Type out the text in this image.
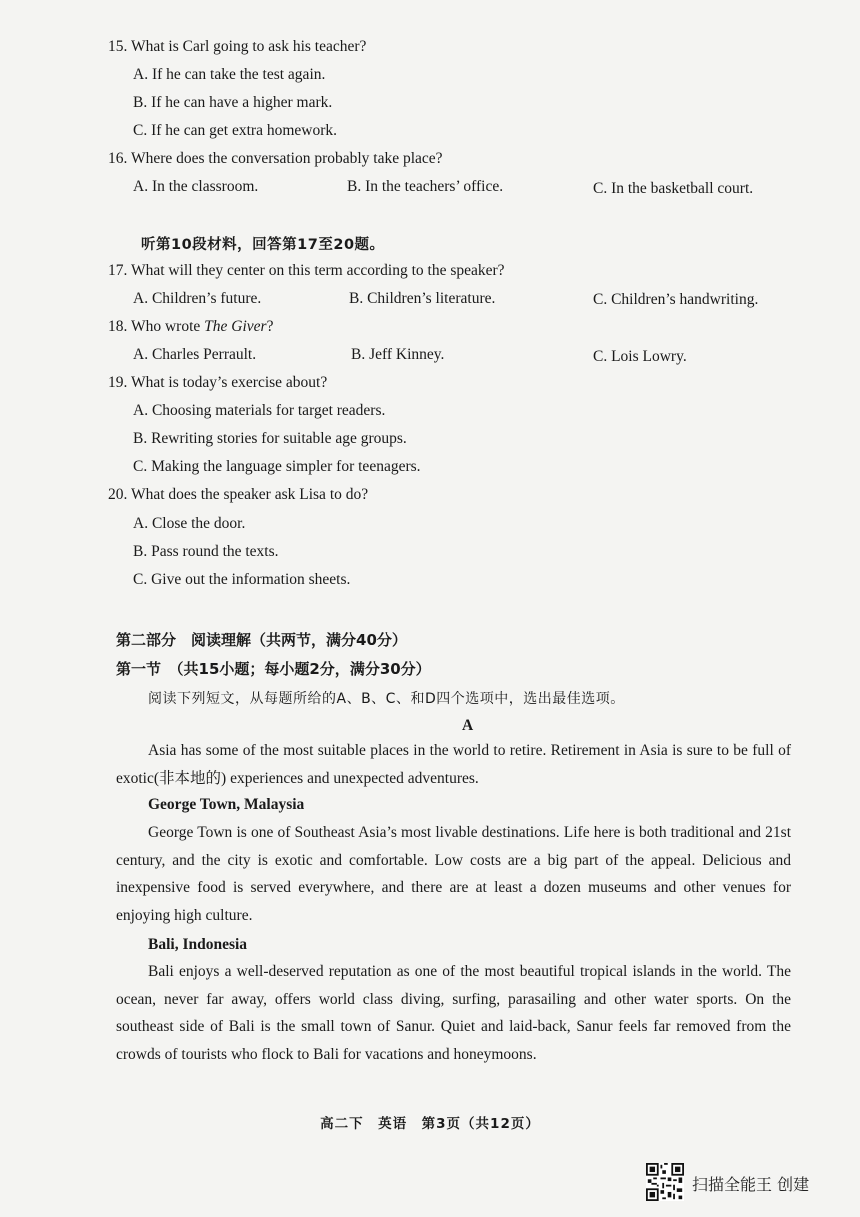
15. What is Carl going to ask his teacher?
A. If he can take the test again.
B. If he can have a higher mark.
C. If he can get extra homework.
16. Where does the conversation probably take place?
A. In the classroom.	B. In the teachers’ office.	C. In the basketball court.
听第10段材料，回答第17至20题。
17. What will they center on this term according to the speaker?
A. Children’s future.	B. Children’s literature.	C. Children’s handwriting.
18. Who wrote The Giver?
A. Charles Perrault.	B. Jeff Kinney.	C. Lois Lowry.
19. What is today’s exercise about?
A. Choosing materials for target readers.
B. Rewriting stories for suitable age groups.
C. Making the language simpler for teenagers.
20. What does the speaker ask Lisa to do?
A. Close the door.
B. Pass round the texts.
C. Give out the information sheets.
第二部分　阅读理解（共两节，满分40分）
第一节　（共15小题；每小题2分，满分30分）
阅读下列短文，从每题所给的A、B、C、和D四个选项中，选出最佳选项。
A
Asia has some of the most suitable places in the world to retire. Retirement in Asia is sure to be full of exotic(非本地的) experiences and unexpected adventures.
George Town, Malaysia
George Town is one of Southeast Asia’s most livable destinations. Life here is both traditional and 21st century, and the city is exotic and comfortable. Low costs are a big part of the appeal. Delicious and inexpensive food is served everywhere, and there are at least a dozen museums and other venues for enjoying high culture.
Bali, Indonesia
Bali enjoys a well-deserved reputation as one of the most beautiful tropical islands in the world. The ocean, never far away, offers world class diving, surfing, parasailing and other water sports. On the southeast side of Bali is the small town of Sanur. Quiet and laid-back, Sanur feels far removed from the crowds of tourists who flock to Bali for vacations and honeymoons.
高二下　英语　第3页（共12页）
扫描全能王 创建
